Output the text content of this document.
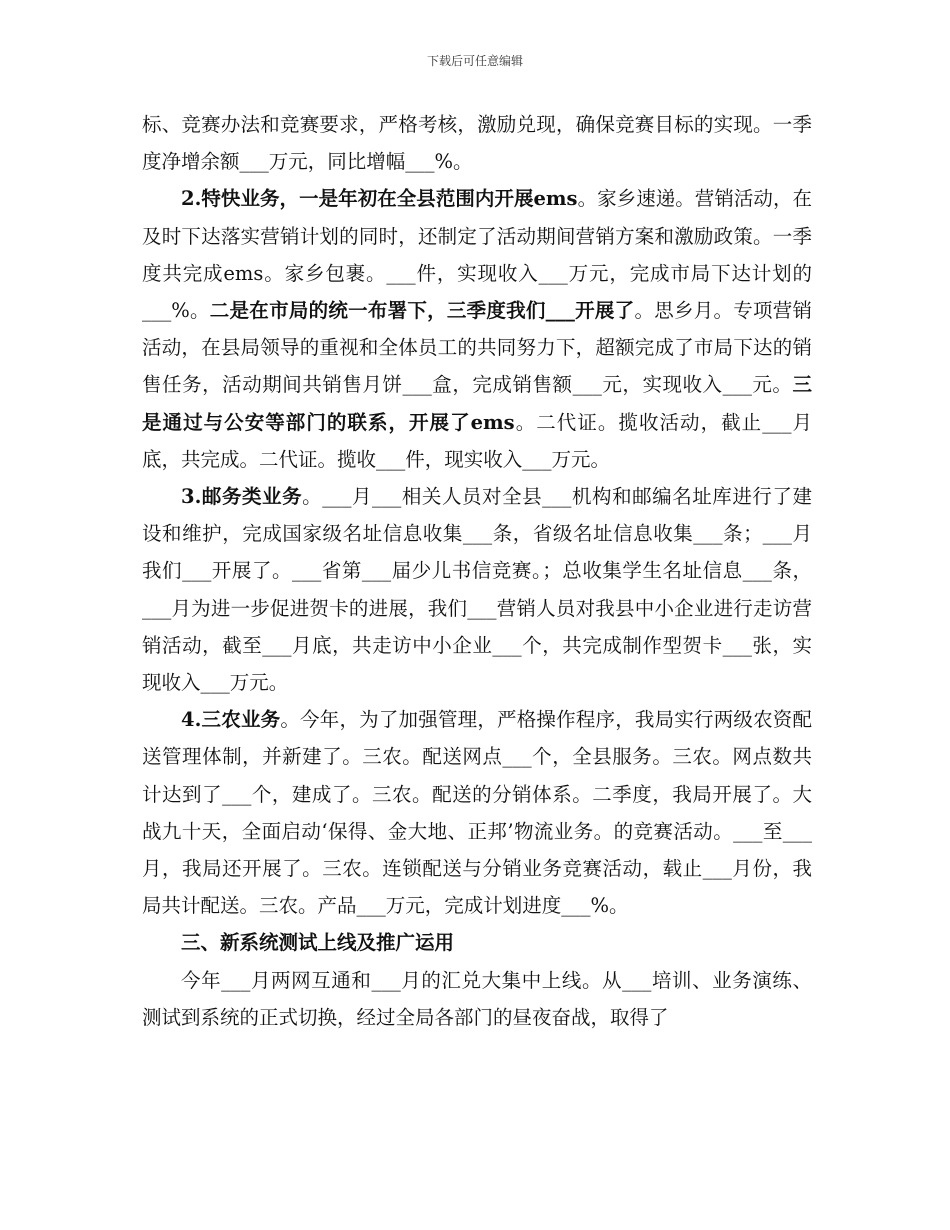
下载后可任意编辑

标、竞赛办法和竞赛要求，严格考核，激励兑现，确保竞赛目标的实现。一季度净增余额___万元，同比增幅___%。

2.特快业务，一是年初在全县范围内开展ems。家乡速递。营销活动，在及时下达落实营销计划的同时，还制定了活动期间营销方案和激励政策。一季度共完成ems。家乡包裹。___件，实现收入___万元，完成市局下达计划的___%。二是在市局的统一布署下，三季度我们___开展了。思乡月。专项营销活动，在县局领导的重视和全体员工的共同努力下，超额完成了市局下达的销售任务，活动期间共销售月饼___盒，完成销售额___元，实现收入___元。三是通过与公安等部门的联系，开展了ems。二代证。揽收活动，截止___月底，共完成。二代证。揽收___件，现实收入___万元。

3.邮务类业务。___月___相关人员对全县___机构和邮编名址库进行了建设和维护，完成国家级名址信息收集___条，省级名址信息收集___条；___月我们___开展了。___省第___届少儿书信竞赛。；总收集学生名址信息___条，___月为进一步促进贺卡的进展，我们___营销人员对我县中小企业进行走访营销活动，截至___月底，共走访中小企业___个，共完成制作型贺卡___张，实现收入___万元。

4.三农业务。今年，为了加强管理，严格操作程序，我局实行两级农资配送管理体制，并新建了。三农。配送网点___个，全县服务。三农。网点数共计达到了___个，建成了。三农。配送的分销体系。二季度，我局开展了。大战九十天，全面启动‘保得、金大地、正邦’物流业务。的竞赛活动。___至___月，我局还开展了。三农。连锁配送与分销业务竞赛活动，载止___月份，我局共计配送。三农。产品___万元，完成计划进度___%。

三、新系统测试上线及推广运用

今年___月两网互通和___月的汇兑大集中上线。从___培训、业务演练、测试到系统的正式切换，经过全局各部门的昼夜奋战，取得了
